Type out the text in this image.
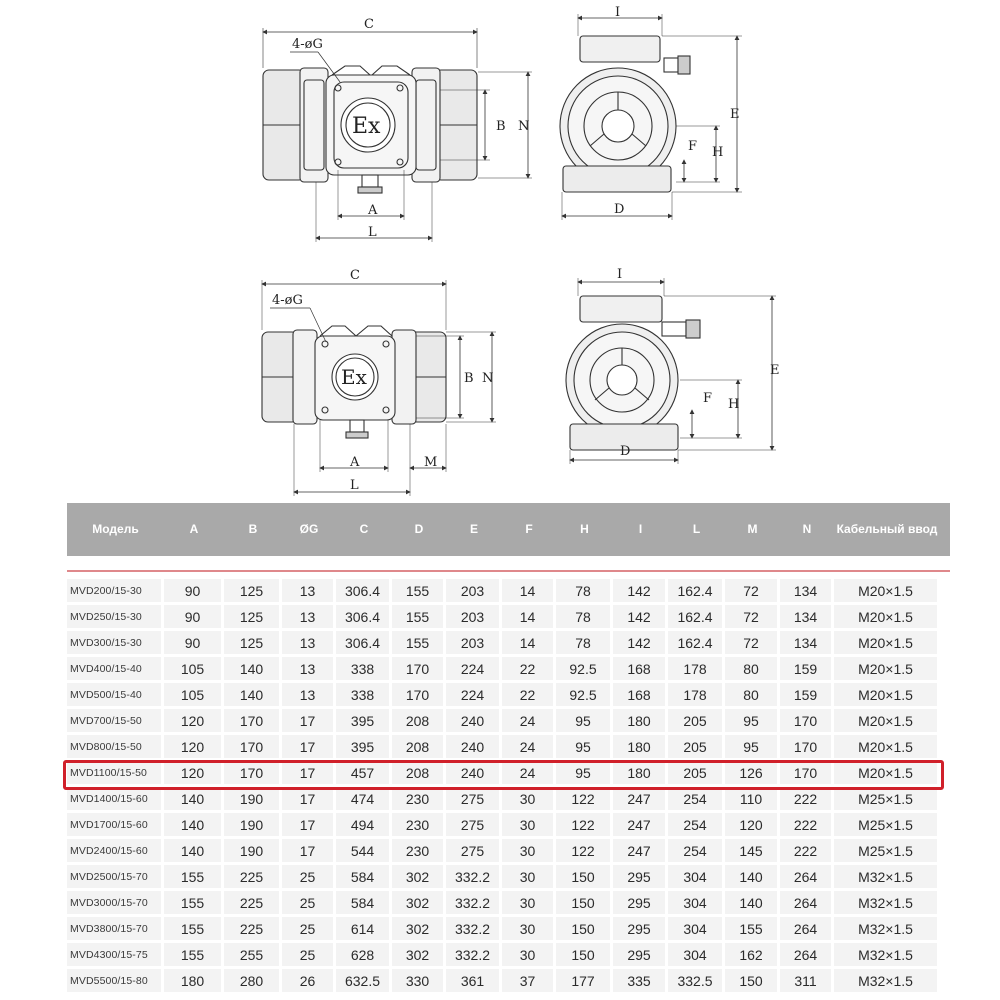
C
4-øG
Ex	B N
A
L
I
E
F H
D
C
4-øG
Ex	B N
A	M
L
I
E
F H
D
Модель	A	B	ØG	C	D	E	F	H	I	L	M	N	Кабельный ввод
MVD200/15-30	90	125	13	306.4	155	203	14	78	142	162.4	72	134	M20×1.5
MVD250/15-30	90	125	13	306.4	155	203	14	78	142	162.4	72	134	M20×1.5
MVD300/15-30	90	125	13	306.4	155	203	14	78	142	162.4	72	134	M20×1.5
MVD400/15-40	105	140	13	338	170	224	22	92.5	168	178	80	159	M20×1.5
MVD500/15-40	105	140	13	338	170	224	22	92.5	168	178	80	159	M20×1.5
MVD700/15-50	120	170	17	395	208	240	24	95	180	205	95	170	M20×1.5
MVD800/15-50	120	170	17	395	208	240	24	95	180	205	95	170	M20×1.5
MVD1100/15-50	120	170	17	457	208	240	24	95	180	205	126	170	M20×1.5
MVD1400/15-60	140	190	17	474	230	275	30	122	247	254	110	222	M25×1.5
MVD1700/15-60	140	190	17	494	230	275	30	122	247	254	120	222	M25×1.5
MVD2400/15-60	140	190	17	544	230	275	30	122	247	254	145	222	M25×1.5
MVD2500/15-70	155	225	25	584	302	332.2	30	150	295	304	140	264	M32×1.5
MVD3000/15-70	155	225	25	584	302	332.2	30	150	295	304	140	264	M32×1.5
MVD3800/15-70	155	225	25	614	302	332.2	30	150	295	304	155	264	M32×1.5
MVD4300/15-75	155	255	25	628	302	332.2	30	150	295	304	162	264	M32×1.5
MVD5500/15-80	180	280	26	632.5	330	361	37	177	335	332.5	150	311	M32×1.5
